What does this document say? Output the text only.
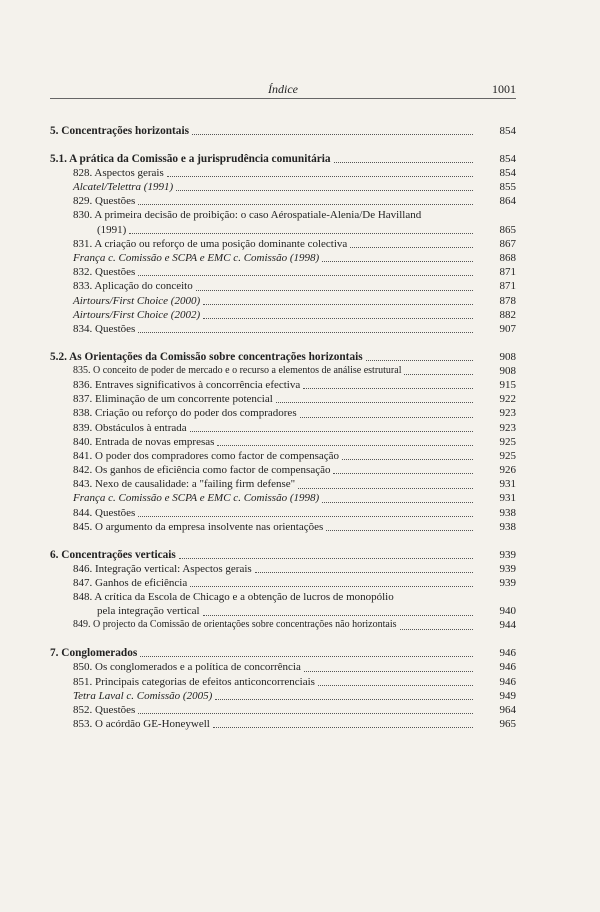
Índice	1001
5. Concentrações horizontais	854
5.1. A prática da Comissão e a jurisprudência comunitária	854
828. Aspectos gerais	854
Alcatel/Telettra (1991)	855
829. Questões	864
830. A primeira decisão de proibição: o caso Aérospatiale-Alenia/De Havilland
(1991)	865
831. A criação ou reforço de uma posição dominante colectiva	867
França c. Comissão e SCPA e EMC c. Comissão (1998)	868
832. Questões	871
833. Aplicação do conceito	871
Airtours/First Choice (2000)	878
Airtours/First Choice (2002)	882
834. Questões	907
5.2. As Orientações da Comissão sobre concentrações horizontais	908
835. O conceito de poder de mercado e o recurso a elementos de análise estrutural	908
836. Entraves significativos à concorrência efectiva	915
837. Eliminação de um concorrente potencial	922
838. Criação ou reforço do poder dos compradores	923
839. Obstáculos à entrada	923
840. Entrada de novas empresas	925
841. O poder dos compradores como factor de compensação	925
842. Os ganhos de eficiência como factor de compensação	926
843. Nexo de causalidade: a "failing firm defense"	931
França c. Comissão e SCPA e EMC c. Comissão (1998)	931
844. Questões	938
845. O argumento da empresa insolvente nas orientações	938
6. Concentrações verticais	939
846. Integração vertical: Aspectos gerais	939
847. Ganhos de eficiência	939
848. A crítica da Escola de Chicago e a obtenção de lucros de monopólio
pela integração vertical	940
849. O projecto da Comissão de orientações sobre concentrações não horizontais	944
7. Conglomerados	946
850. Os conglomerados e a política de concorrência	946
851. Principais categorias de efeitos anticoncorrenciais	946
Tetra Laval c. Comissão (2005)	949
852. Questões	964
853. O acórdão GE-Honeywell	965
